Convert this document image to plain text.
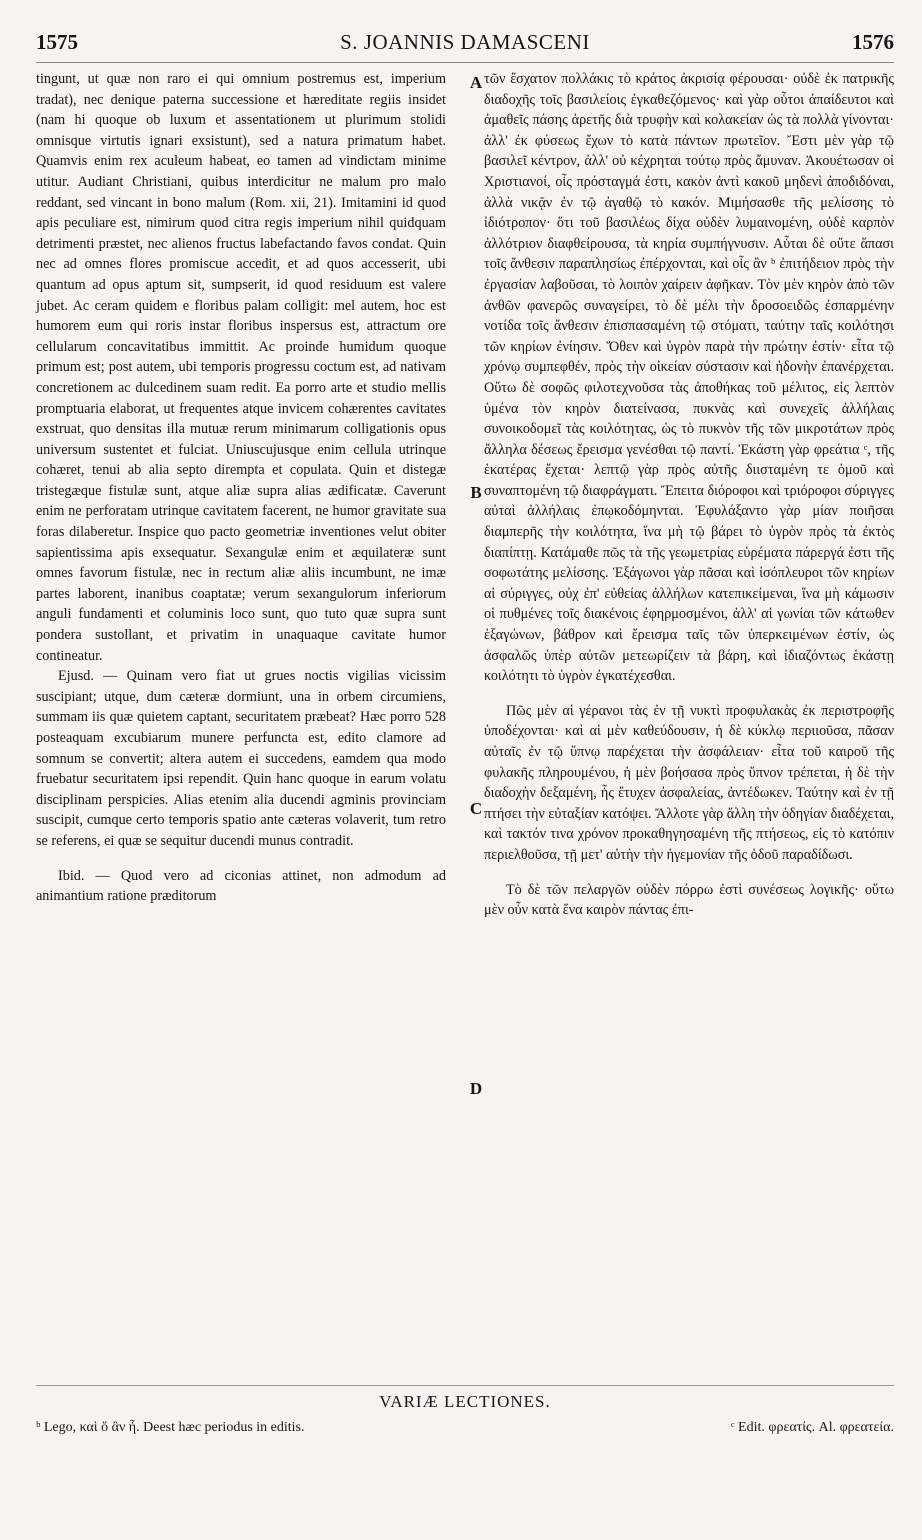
1575	S. JOANNIS DAMASCENI	1576

tingunt, ut quæ non raro ei qui omnium postremus est, imperium tradat), nec denique paterna successione et hæreditate regiis insidet (nam hi quoque ob luxum et assentationem ut plurimum stolidi omnisque virtutis ignari exsistunt), sed a natura primatum habet. Quamvis enim rex aculeum habeat, eo tamen ad vindictam minime utitur. Audiant Christiani, quibus interdicitur ne malum pro malo reddant, sed vincant in bono malum (Rom. xii, 21). Imitamini id quod apis peculiare est, nimirum quod citra regis imperium nihil quidquam detrimenti præstet, nec alienos fructus labefactando favos condat. Quin nec ad omnes flores promiscue accedit, et ad quos accesserit, ubi quantum ad opus aptum sit, sumpserit, id quod residuum est valere jubet. Ac ceram quidem e floribus palam colligit: mel autem, hoc est humorem eum qui roris instar floribus inspersus est, attractum ore cellularum concavitatibus immittit. Ac proinde humidum quoque primum est; post autem, ubi temporis progressu coctum est, ad nativam concretionem ac dulcedinem suam redit. Ea porro arte et studio mellis promptuaria elaborat, ut frequentes atque invicem cohærentes cavitates exstruat, quo densitas illa mutuæ rerum minimarum colligationis opus universum sustentet et fulciat. Uniuscujusque enim cellula utrinque cohæret, tenui ab alia septo dirempta et copulata. Quin et distegæ tristegæque fistulæ sunt, atque aliæ supra alias ædificatæ. Caverunt enim ne perforatam utrinque cavitatem facerent, ne humor gravitate sua foras dilaberetur. Inspice quo pacto geometriæ inventiones velut obiter sapientissima apis exsequatur. Sexangulæ enim et æquilateræ sunt omnes favorum fistulæ, nec in rectum aliæ aliis incumbunt, ne imæ partes laborent, inanibus coaptatæ; verum sexangulorum inferiorum anguli fundamenti et columinis loco sunt, quo tuto quæ supra sunt pondera sustollant, et privatim in unaquaque cavitate humor contineatur.

Ejusd. — Quinam vero fiat ut grues noctis vigilias vicissim suscipiant; utque, dum cæteræ dormiunt, una in orbem circumiens, summam iis quæ quietem captant, securitatem præbeat? Hæc porro 528 posteaquam excubiarum munere perfuncta est, edito clamore ad somnum se convertit; altera autem ei succedens, eamdem qua modo fruebatur securitatem ipsi rependit. Quin hanc quoque in earum volatu disciplinam perspicies. Alias etenim alia ducendi agminis provinciam suscipit, cumque certo temporis spatio ante cæteras volaverit, tum retro se referens, ei quæ se sequitur ducendi munus contradit.

Ibid. — Quod vero ad ciconias attinet, non admodum ad animantium ratione præditorum

A
B
C
D

τῶν ἔσχατον πολλάκις τὸ κράτος ἀκρισίᾳ φέρουσαι· οὐδὲ ἐκ πατρικῆς διαδοχῆς τοῖς βασιλείοις ἐγκαθεζόμενος· καὶ γὰρ οὗτοι ἀπαίδευτοι καὶ ἀμαθεῖς πάσης ἀρετῆς διὰ τρυφὴν καὶ κολακείαν ὡς τὰ πολλὰ γίνονται· ἀλλ' ἐκ φύσεως ἔχων τὸ κατὰ πάντων πρωτεῖον. Ἔστι μὲν γὰρ τῷ βασιλεῖ κέντρον, ἀλλ' οὐ κέχρηται τούτῳ πρὸς ἄμυναν. Ἀκουέτωσαν οἱ Χριστιανοί, οἷς πρόσταγμά ἐστι, κακὸν ἀντὶ κακοῦ μηδενὶ ἀποδιδόναι, ἀλλὰ νικᾷν ἐν τῷ ἀγαθῷ τὸ κακόν. Μιμήσασθε τῆς μελίσσης τὸ ἰδιότροπον· ὅτι τοῦ βασιλέως δίχα οὐδὲν λυμαινομένη, οὐδὲ καρπὸν ἀλλότριον διαφθείρουσα, τὰ κηρία συμπήγνυσιν. Αὗται δὲ οὔτε ἅπασι τοῖς ἄνθεσιν παραπλησίως ἐπέρχονται, καὶ οἷς ἂν ᵇ ἐπιτήδειον πρὸς τὴν ἐργασίαν λαβοῦσαι, τὸ λοιπὸν χαίρειν ἀφῆκαν. Τὸν μὲν κηρὸν ἀπὸ τῶν ἀνθῶν φανερῶς συναγείρει, τὸ δὲ μέλι τὴν δροσοειδῶς ἐσπαρμένην νοτίδα τοῖς ἄνθεσιν ἐπισπασαμένη τῷ στόματι, ταύτην ταῖς κοιλότησι τῶν κηρίων ἐνίησιν. Ὅθεν καὶ ὑγρὸν παρὰ τὴν πρώτην ἐστίν· εἶτα τῷ χρόνῳ συμπεφθέν, πρὸς τὴν οἰκείαν σύστασιν καὶ ἡδονὴν ἐπανέρχεται. Οὕτω δὲ σοφῶς φιλοτεχνοῦσα τὰς ἀποθήκας τοῦ μέλιτος, εἰς λεπτὸν ὑμένα τὸν κηρὸν διατείνασα, πυκνὰς καὶ συνεχεῖς ἀλλήλαις συνοικοδομεῖ τὰς κοιλότητας, ὡς τὸ πυκνὸν τῆς τῶν μικροτάτων πρὸς ἄλληλα δέσεως ἔρεισμα γενέσθαι τῷ παντί. Ἑκάστη γὰρ φρεάτια ᶜ, τῆς ἑκατέρας ἔχεται· λεπτῷ γὰρ πρὸς αὐτῆς διισταμένη τε ὁμοῦ καὶ συναπτομένη τῷ διαφράγματι. Ἔπειτα διόροφοι καὶ τριόροφοι σύριγγες αὐταὶ ἀλλήλαις ἐπῳκοδόμηνται. Ἐφυλάξαντο γὰρ μίαν ποιῆσαι διαμπερῆς τὴν κοιλότητα, ἵνα μὴ τῷ βάρει τὸ ὑγρὸν πρὸς τὰ ἐκτὸς διαπίπτῃ. Κατάμαθε πῶς τὰ τῆς γεωμετρίας εὑρέματα πάρεργά ἐστι τῆς σοφωτάτης μελίσσης. Ἑξάγωνοι γὰρ πᾶσαι καὶ ἰσόπλευροι τῶν κηρίων αἱ σύριγγες, οὐχ ἐπ' εὐθείας ἀλλήλων κατεπικείμεναι, ἵνα μὴ κάμωσιν οἱ πυθμένες τοῖς διακένοις ἐφηρμοσμένοι, ἀλλ' αἱ γωνίαι τῶν κάτωθεν ἑξαγώνων, βάθρον καὶ ἔρεισμα ταῖς τῶν ὑπερκειμένων ἐστίν, ὡς ἀσφαλῶς ὑπὲρ αὐτῶν μετεωρίζειν τὰ βάρη, καὶ ἰδιαζόντως ἑκάστῃ κοιλότητι τὸ ὑγρὸν ἐγκατέχεσθαι.

Πῶς μὲν αἱ γέρανοι τὰς ἐν τῇ νυκτὶ προφυλακὰς ἐκ περιστροφῆς ὑποδέχονται· καὶ αἱ μὲν καθεύδουσιν, ἡ δὲ κύκλῳ περιιοῦσα, πᾶσαν αὐταῖς ἐν τῷ ὕπνῳ παρέχεται τὴν ἀσφάλειαν· εἶτα τοῦ καιροῦ τῆς φυλακῆς πληρουμένου, ἡ μὲν βοήσασα πρὸς ὕπνον τρέπεται, ἡ δὲ τὴν διαδοχὴν δεξαμένη, ἧς ἔτυχεν ἀσφαλείας, ἀντέδωκεν. Ταύτην καὶ ἐν τῇ πτήσει τὴν εὐταξίαν κατόψει. Ἄλλοτε γὰρ ἄλλη τὴν ὁδηγίαν διαδέχεται, καὶ τακτόν τινα χρόνον προκαθηγησαμένη τῆς πτήσεως, εἰς τὸ κατόπιν περιελθοῦσα, τῇ μετ' αὐτὴν τὴν ἡγεμονίαν τῆς ὁδοῦ παραδίδωσι.

Τὸ δὲ τῶν πελαργῶν οὐδὲν πόρρω ἐστὶ συνέσεως λογικῆς· οὕτω μὲν οὖν κατὰ ἕνα καιρὸν πάντας ἐπι-

VARIÆ LECTIONES.
ᵇ Lego, καὶ ὅ ἂν ἦ. Deest hæc periodus in editis.	ᶜ Edit. φρεατίς. Al. φρεατεία.
